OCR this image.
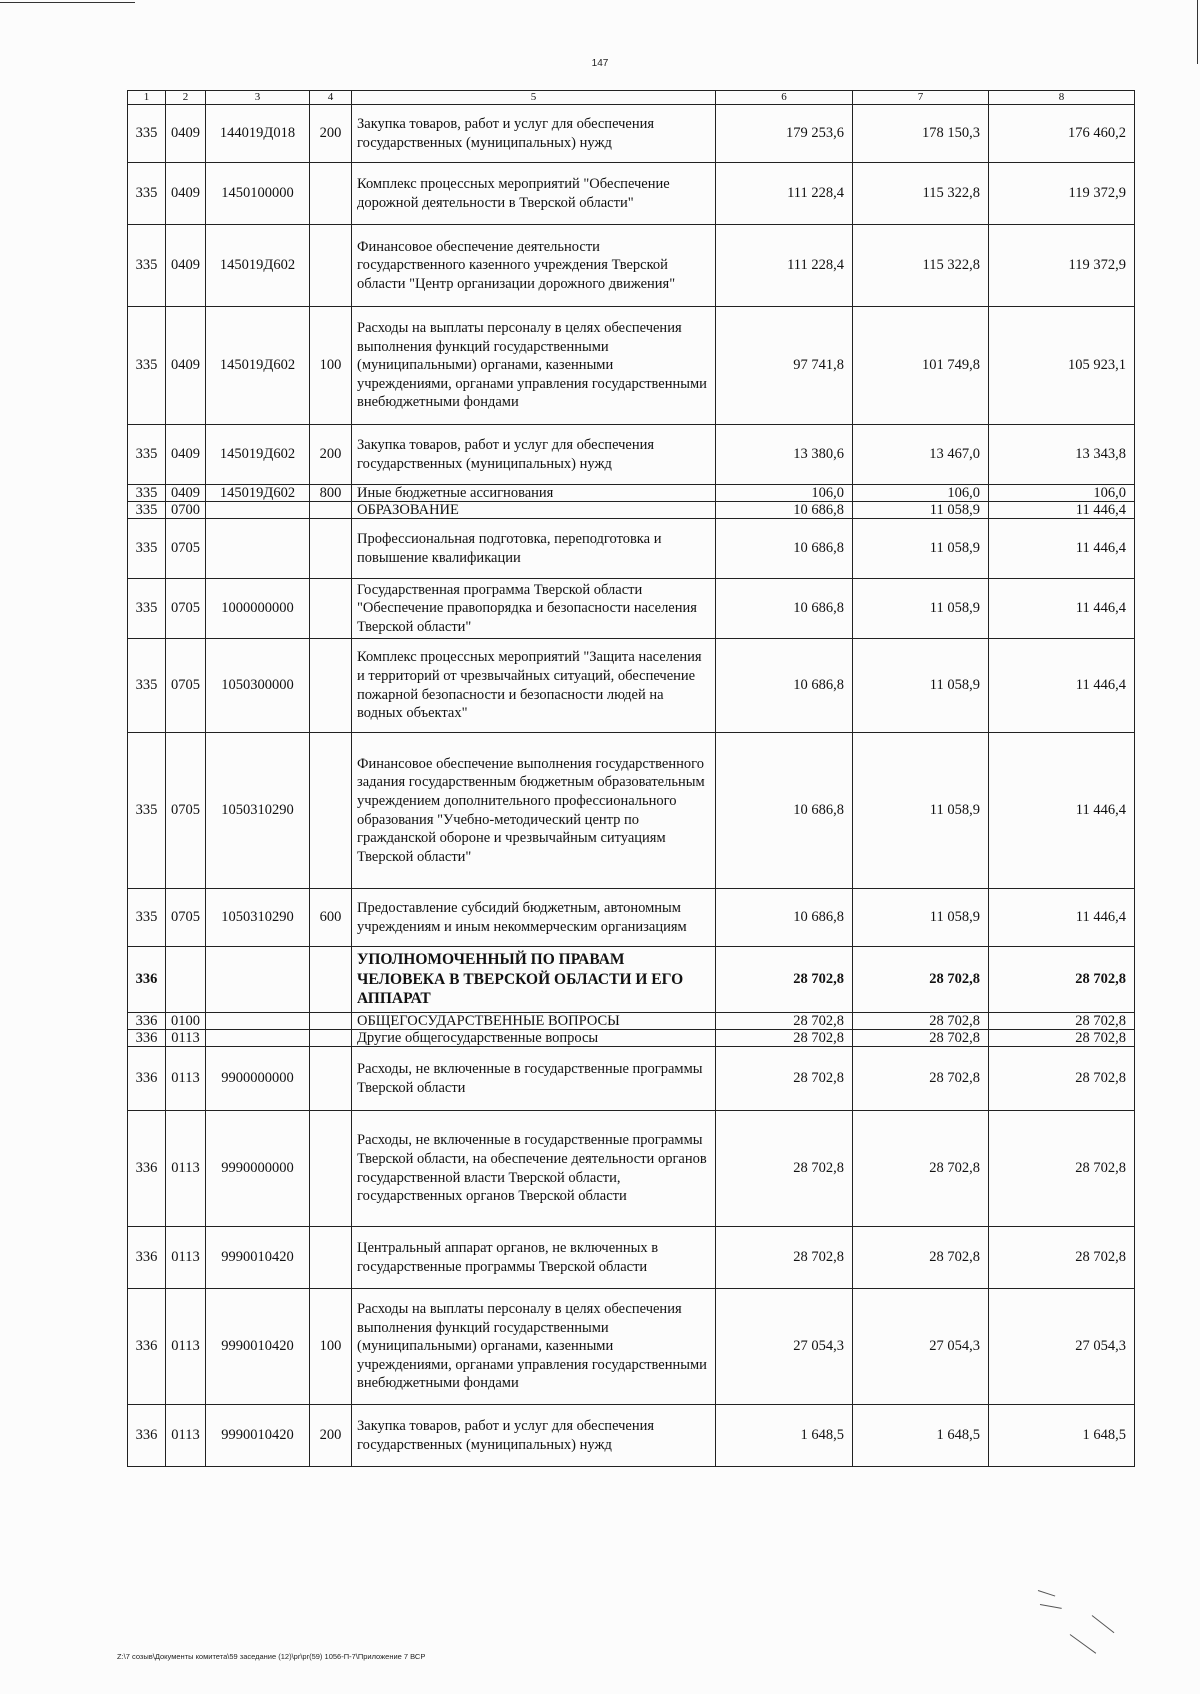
147
1	2	3	4	5	6	7	8
335	0409	144019Д018	200	Закупка товаров, работ и услуг для обеспечения государственных (муниципальных) нужд	179 253,6	178 150,3	176 460,2
335	0409	1450100000		Комплекс процессных мероприятий "Обеспечение дорожной деятельности в Тверской области"	111 228,4	115 322,8	119 372,9
335	0409	145019Д602		Финансовое обеспечение деятельности государственного казенного учреждения Тверской области "Центр организации дорожного движения"	111 228,4	115 322,8	119 372,9
335	0409	145019Д602	100	Расходы на выплаты персоналу в целях обеспечения выполнения функций государственными (муниципальными) органами, казенными учреждениями, органами управления государственными внебюджетными фондами	97 741,8	101 749,8	105 923,1
335	0409	145019Д602	200	Закупка товаров, работ и услуг для обеспечения государственных (муниципальных) нужд	13 380,6	13 467,0	13 343,8
335	0409	145019Д602	800	Иные бюджетные ассигнования	106,0	106,0	106,0
335	0700			ОБРАЗОВАНИЕ	10 686,8	11 058,9	11 446,4
335	0705			Профессиональная подготовка, переподготовка и повышение квалификации	10 686,8	11 058,9	11 446,4
335	0705	1000000000		Государственная программа Тверской области "Обеспечение правопорядка и безопасности населения Тверской области"	10 686,8	11 058,9	11 446,4
335	0705	1050300000		Комплекс процессных мероприятий "Защита населения и территорий от чрезвычайных ситуаций, обеспечение пожарной безопасности и безопасности людей на водных объектах"	10 686,8	11 058,9	11 446,4
335	0705	1050310290		Финансовое обеспечение выполнения государственного задания государственным бюджетным образовательным учреждением дополнительного профессионального образования "Учебно-методический центр по гражданской обороне и чрезвычайным ситуациям Тверской области"	10 686,8	11 058,9	11 446,4
335	0705	1050310290	600	Предоставление субсидий бюджетным, автономным учреждениям и иным некоммерческим организациям	10 686,8	11 058,9	11 446,4
336				УПОЛНОМОЧЕННЫЙ ПО ПРАВАМ ЧЕЛОВЕКА В ТВЕРСКОЙ ОБЛАСТИ И ЕГО АППАРАТ	28 702,8	28 702,8	28 702,8
336	0100			ОБЩЕГОСУДАРСТВЕННЫЕ ВОПРОСЫ	28 702,8	28 702,8	28 702,8
336	0113			Другие общегосударственные вопросы	28 702,8	28 702,8	28 702,8
336	0113	9900000000		Расходы, не включенные в государственные программы Тверской области	28 702,8	28 702,8	28 702,8
336	0113	9990000000		Расходы, не включенные в государственные программы Тверской области, на обеспечение деятельности органов государственной власти Тверской области, государственных органов Тверской области	28 702,8	28 702,8	28 702,8
336	0113	9990010420		Центральный аппарат органов, не включенных в государственные программы Тверской области	28 702,8	28 702,8	28 702,8
336	0113	9990010420	100	Расходы на выплаты персоналу в целях обеспечения выполнения функций государственными (муниципальными) органами, казенными учреждениями, органами управления государственными внебюджетными фондами	27 054,3	27 054,3	27 054,3
336	0113	9990010420	200	Закупка товаров, работ и услуг для обеспечения государственных (муниципальных) нужд	1 648,5	1 648,5	1 648,5
Z:\7 созыв\Документы комитета\59 заседание (12)\pr\pr(59) 1056-П-7\Приложение 7 ВСР
